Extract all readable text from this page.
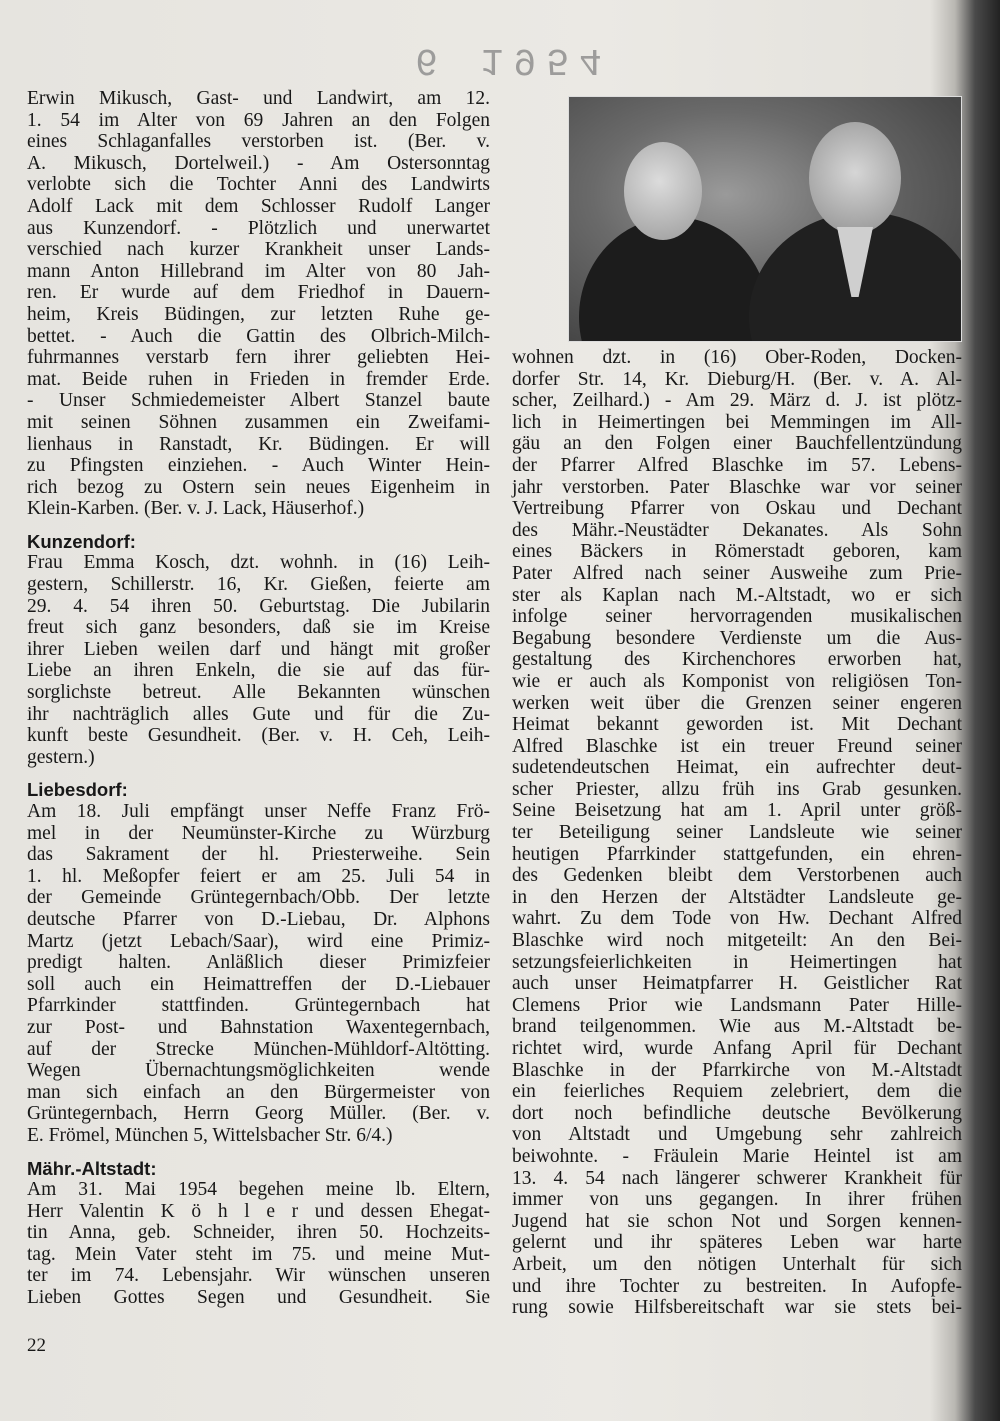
6 1954
Erwin Mikusch, Gast- und Landwirt, am 12.
1. 54 im Alter von 69 Jahren an den Folgen
eines Schlaganfalles verstorben ist. (Ber. v.
A. Mikusch, Dortelweil.) - Am Ostersonntag
verlobte sich die Tochter Anni des Landwirts
Adolf Lack mit dem Schlosser Rudolf Langer
aus Kunzendorf. - Plötzlich und unerwartet
verschied nach kurzer Krankheit unser Lands-
mann Anton Hillebrand im Alter von 80 Jah-
ren. Er wurde auf dem Friedhof in Dauern-
heim, Kreis Büdingen, zur letzten Ruhe ge-
bettet. - Auch die Gattin des Olbrich-Milch-
fuhrmannes verstarb fern ihrer geliebten Hei-
mat. Beide ruhen in Frieden in fremder Erde.
- Unser Schmiedemeister Albert Stanzel baute
mit seinen Söhnen zusammen ein Zweifami-
lienhaus in Ranstadt, Kr. Büdingen. Er will
zu Pfingsten einziehen. - Auch Winter Hein-
rich bezog zu Ostern sein neues Eigenheim in
Klein-Karben. (Ber. v. J. Lack, Häuserhof.)
Kunzendorf:
Frau Emma Kosch, dzt. wohnh. in (16) Leih-
gestern, Schillerstr. 16, Kr. Gießen, feierte am
29. 4. 54 ihren 50. Geburtstag. Die Jubilarin
freut sich ganz besonders, daß sie im Kreise
ihrer Lieben weilen darf und hängt mit großer
Liebe an ihren Enkeln, die sie auf das für-
sorglichste betreut. Alle Bekannten wünschen
ihr nachträglich alles Gute und für die Zu-
kunft beste Gesundheit. (Ber. v. H. Ceh, Leih-
gestern.)
Liebesdorf:
Am 18. Juli empfängt unser Neffe Franz Frö-
mel in der Neumünster-Kirche zu Würzburg
das Sakrament der hl. Priesterweihe. Sein
1. hl. Meßopfer feiert er am 25. Juli 54 in
der Gemeinde Grüntegernbach/Obb. Der letzte
deutsche Pfarrer von D.-Liebau, Dr. Alphons
Martz (jetzt Lebach/Saar), wird eine Primiz-
predigt halten. Anläßlich dieser Primizfeier
soll auch ein Heimattreffen der D.-Liebauer
Pfarrkinder stattfinden. Grüntegernbach hat
zur Post- und Bahnstation Waxentegernbach,
auf der Strecke München-Mühldorf-Altötting.
Wegen Übernachtungsmöglichkeiten wende
man sich einfach an den Bürgermeister von
Grüntegernbach, Herrn Georg Müller. (Ber. v.
E. Frömel, München 5, Wittelsbacher Str. 6/4.)
Mähr.-Altstadt:
Am 31. Mai 1954 begehen meine lb. Eltern,
Herr Valentin K ö h l e r und dessen Ehegat-
tin Anna, geb. Schneider, ihren 50. Hochzeits-
tag. Mein Vater steht im 75. und meine Mut-
ter im 74. Lebensjahr. Wir wünschen unseren
Lieben Gottes Segen und Gesundheit. Sie
wohnen dzt. in (16) Ober-Roden, Docken-
dorfer Str. 14, Kr. Dieburg/H. (Ber. v. A. Al-
scher, Zeilhard.) - Am 29. März d. J. ist plötz-
lich in Heimertingen bei Memmingen im All-
gäu an den Folgen einer Bauchfellentzündung
der Pfarrer Alfred Blaschke im 57. Lebens-
jahr verstorben. Pater Blaschke war vor seiner
Vertreibung Pfarrer von Oskau und Dechant
des Mähr.-Neustädter Dekanates. Als Sohn
eines Bäckers in Römerstadt geboren, kam
Pater Alfred nach seiner Ausweihe zum Prie-
ster als Kaplan nach M.-Altstadt, wo er sich
infolge seiner hervorragenden musikalischen
Begabung besondere Verdienste um die Aus-
gestaltung des Kirchenchores erworben hat,
wie er auch als Komponist von religiösen Ton-
werken weit über die Grenzen seiner engeren
Heimat bekannt geworden ist. Mit Dechant
Alfred Blaschke ist ein treuer Freund seiner
sudetendeutschen Heimat, ein aufrechter deut-
scher Priester, allzu früh ins Grab gesunken.
Seine Beisetzung hat am 1. April unter größ-
ter Beteiligung seiner Landsleute wie seiner
heutigen Pfarrkinder stattgefunden, ein ehren-
des Gedenken bleibt dem Verstorbenen auch
in den Herzen der Altstädter Landsleute ge-
wahrt. Zu dem Tode von Hw. Dechant Alfred
Blaschke wird noch mitgeteilt: An den Bei-
setzungsfeierlichkeiten in Heimertingen hat
auch unser Heimatpfarrer H. Geistlicher Rat
Clemens Prior wie Landsmann Pater Hille-
brand teilgenommen. Wie aus M.-Altstadt be-
richtet wird, wurde Anfang April für Dechant
Blaschke in der Pfarrkirche von M.-Altstadt
ein feierliches Requiem zelebriert, dem die
dort noch befindliche deutsche Bevölkerung
von Altstadt und Umgebung sehr zahlreich
beiwohnte. - Fräulein Marie Heintel ist am
13. 4. 54 nach längerer schwerer Krankheit für
immer von uns gegangen. In ihrer frühen
Jugend hat sie schon Not und Sorgen kennen-
gelernt und ihr späteres Leben war harte
Arbeit, um den nötigen Unterhalt für sich
und ihre Tochter zu bestreiten. In Aufopfe-
rung sowie Hilfsbereitschaft war sie stets bei-
22
